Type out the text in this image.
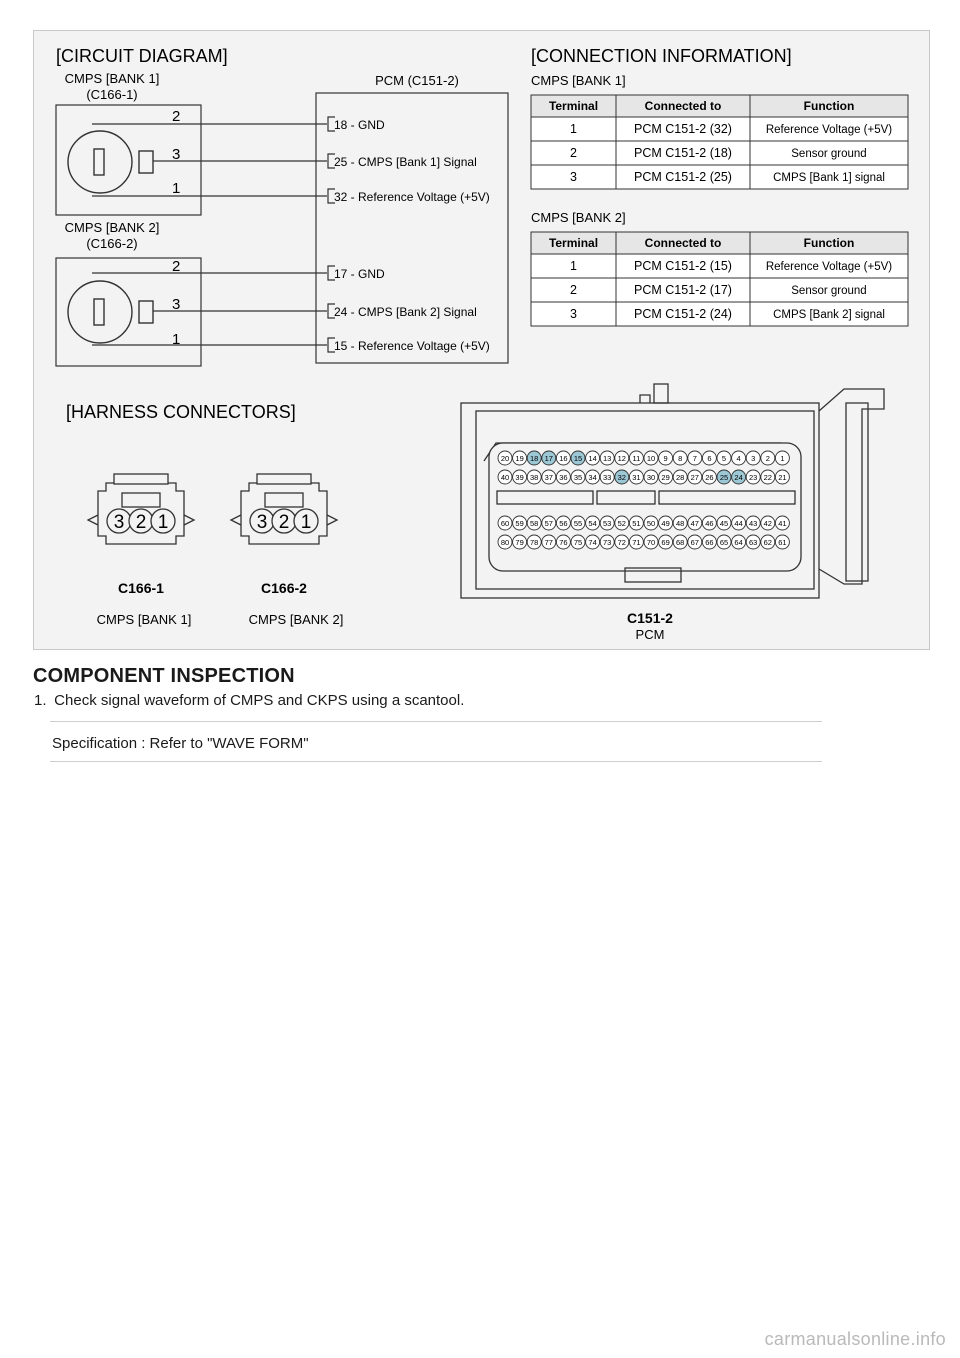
[CIRCUIT DIAGRAM]	[CONNECTION INFORMATION]
[HARNESS CONNECTORS]
CMPS [BANK 1]
(C166-1)
2
3
1
CMPS [BANK 2]
(C166-2)
2
3
1
PCM (C151-2)
18 - GND
25 - CMPS [Bank 1] Signal
32 - Reference Voltage (+5V)
17 - GND
24 - CMPS [Bank 2] Signal
15 - Reference Voltage (+5V)
CMPS [BANK 1]
CMPS [BANK 2]
Terminal	Connected to	Function
1	PCM C151-2 (32)	Reference Voltage (+5V)
2	PCM C151-2 (18)	Sensor ground
3	PCM C151-2 (25)	CMPS [Bank 1] signal
Terminal	Connected to	Function
1	PCM C151-2 (15)	Reference Voltage (+5V)
2	PCM C151-2 (17)	Sensor ground
3	PCM C151-2 (24)	CMPS [Bank 2] signal
3 2 1
C166-1
CMPS [BANK 1]
3 2 1
C166-2
CMPS [BANK 2]
20 19 18 17 16 15 14 13 12 11 10 9 8 7 6 5 4 3 2 1
40 39 38 37 36 35 34 33 32 31 30 29 28 27 26 25 24 23 22 21
60 59 58 57 56 55 54 53 52 51 50 49 48 47 46 45 44 43 42 41
80 79 78 77 76 75 74 73 72 71 70 69 68 67 66 65 64 63 62 61
C151-2
PCM
COMPONENT INSPECTION
1. Check signal waveform of CMPS and CKPS using a scantool.
Specification : Refer to "WAVE FORM"
carmanualsonline.info
